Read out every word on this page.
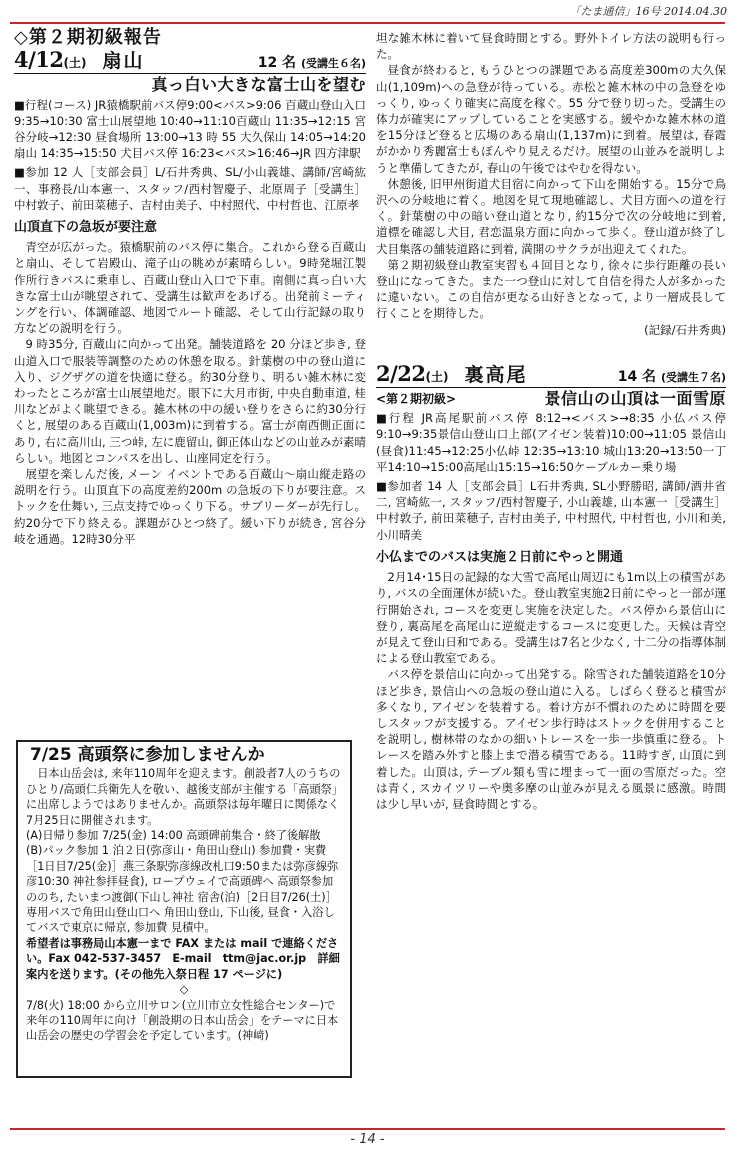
「たま通信」16号 2014.04.30
◇第２期初級報告
4/12 (土) 扇山	12 名 (受講生６名)
真っ白い大きな富士山を望む

■行程(コース) JR猿橋駅前バス停9:00<バス>9:06 百蔵山登山入口 9:35→10:30 富士山展望地 10:40→11:10百蔵山 11:35→12:15 宮谷分岐→12:30 昼食場所 13:00→13 時 55 大久保山 14:05→14:20 扇山 14:35→15:50 犬目バス停 16:23<バス>16:46→JR 四方津駅

■参加 12 人［支部会員］L/石井秀典、SL/小山義雄、講師/宮崎紘一、事務長/山本憲一、スタッフ/西村智慶子、北原周子［受講生］中村敦子、前田菜穂子、吉村由美子、中村照代、中村哲也、江原孝

山頂直下の急坂が要注意

青空が広がった。猿橋駅前のバス停に集合。これから登る百蔵山と扇山、そして岩殿山、滝子山の眺めが素晴らしい。9時発堀江製作所行きバスに乗車し、百蔵山登山入口で下車。南側に真っ白い大きな富士山が眺望されて、受講生は歓声をあげる。出発前ミーティングを行い、体調確認、地図でルート確認、そして山行記録の取り方などの説明を行う。

9 時35分, 百蔵山に向かって出発。舗装道路を 20 分ほど歩き, 登山道入口で服装等調整のための休憩を取る。針葉樹の中の登山道に入り、ジグザグの道を快適に登る。約30分登り、明るい雑木林に変わったところが富士山展望地だ。眼下に大月市街, 中央自動車道, 桂川などがよく眺望できる。雑木林の中の緩い登りをさらに約30分行くと, 展望のある百蔵山(1,003m)に到着する。富士が南西側正面にあり, 右に高川山, 三つ峠, 左に鹿留山, 御正体山などの山並みが素晴らしい。地図とコンパスを出し、山座同定を行う。

展望を楽しんだ後, メーン イベントである百蔵山～扇山縦走路の説明を行う。山頂直下の高度差約200m の急坂の下りが要注意。ストックを仕舞い, 三点支持でゆっくり下る。サブリーダーが先行し。約20分で下り終える。課題がひとつ終了。緩い下りが続き, 宮谷分岐を通過。12時30分平

7/25 高頭祭に参加しませんか

日本山岳会は, 来年110周年を迎えます。創設者7人のうちのひとり/高頭仁兵衛先人を敬い、越後支部が主催する「高頭祭」に出席しようではありませんか。高頭祭は毎年曜日に関係なく 7月25日に開催されます。

(A)日帰り参加 7/25(金) 14:00 高頭碑前集合・終了後解散

(B)パック参加 1 泊２日(弥彦山・角田山登山) 参加費・実費［1日目7/25(金)］燕三条駅弥彦線改札口9:50または弥彦線弥彦10:30 神社参拝昼食), ロープウェイで高頭碑へ 高頭祭参加ののち, たいまつ渡御(下山し神社 宿舎(泊)［2日目7/26(土)］専用バスで角田山登山口へ 角田山登山, 下山後, 昼食・入浴してバスで東京に帰京, 参加費 見積中。

希望者は事務局山本憲一まで FAX または mail で連絡ください。Fax 042-537-3457　E-mail　ttm@jac.or.jp　詳細案内を送ります。(その他先入祭日程 17 ページに)

◇

7/8(火) 18:00 から立川サロン(立川市立女性総合センター)で来年の110周年に向け「創設期の日本山岳会」をテーマに日本山岳会の歴史の学習会を予定しています。(神﨑)

坦な雑木林に着いて昼食時間とする。野外トイレ方法の説明も行った。

昼食が終わると, もうひとつの課題である高度差300mの大久保山(1,109m)への急登が待っている。赤松と雑木林の中の急登をゆっくり, ゆっくり確実に高度を稼ぐ。55 分で登り切った。受講生の体力が確実にアップしていることを実感する。緩やかな雑木林の道を15分ほど登ると広場のある扇山(1,137m)に到着。展望は, 春霞がかかり秀麗富士もぼんやり見えるだけ。展望の山並みを説明しようと準備してきたが, 春山の午後ではやむを得ない。

休憩後, 旧甲州街道犬目宿に向かって下山を開始する。15分で鳥沢への分岐地に着く。地図を見て現地確認し、犬目方面への道を行く。針葉樹の中の暗い登山道となり, 約15分で次の分岐地に到着, 道標を確認し犬目, 君恋温泉方面に向かって歩く。登山道が終了し犬目集落の舗装道路に到着, 満開のサクラが出迎えてくれた。

第２期初級登山教室実習も４回目となり, 徐々に歩行距離の長い登山になってきた。また一つ登山に対して自信を得た人が多かったに違いない。この自信が更なる山好きとなって, より一層成長して行くことを期待した。

(記録/石井秀典)

2/22 (土) 裏高尾	14 名 (受講生７名)
<第２期初級>	景信山の山頂は一面雪原

■行程 JR高尾駅前バス停 8:12→<バス>→8:35 小仏バス停9:10→9:35景信山登山口上部(アイゼン装着)10:00→11:05 景信山(昼食)11:45→12:25小仏峠 12:35→13:10 城山13:20→13:50一丁平14:10→15:00高尾山15:15→16:50ケーブルカー乗り場

■参加者 14 人［支部会員］L石井秀典, SL小野勝昭, 講師/酒井省二, 宮崎紘一, スタッフ/西村智慶子, 小山義雄, 山本憲一［受講生］中村敦子, 前田菜穂子, 吉村由美子, 中村照代, 中村哲也, 小川和美, 小川晴美

小仏までのバスは実施２日前にやっと開通

2月14･15日の記録的な大雪で高尾山周辺にも1m以上の積雪があり, バスの全面運休が続いた。登山教室実施2日前にやっと一部が運行開始され, コースを変更し実施を決定した。バス停から景信山に登り, 裏高尾を高尾山に逆縦走するコースに変更した。天候は青空が見えて登山日和である。受講生は7名と少なく, 十二分の指導体制による登山教室である。

バス停を景信山に向かって出発する。除雪された舗装道路を10分ほど歩き, 景信山への急坂の登山道に入る。しばらく登ると積雪が多くなり, アイゼンを装着する。着け方が不慣れのために時間を要しスタッフが支援する。アイゼン歩行時はストックを併用することを説明し, 樹林帯のなかの細いトレースを一歩一歩慎重に登る。トレースを踏み外すと膝上まで潜る積雪である。11時すぎ, 山頂に到着した。山頂は, テーブル類も雪に埋まって一面の雪原だった。空は青く, スカイツリーや奥多摩の山並みが見える風景に感激。時間は少し早いが, 昼食時間とする。

- 14 -
